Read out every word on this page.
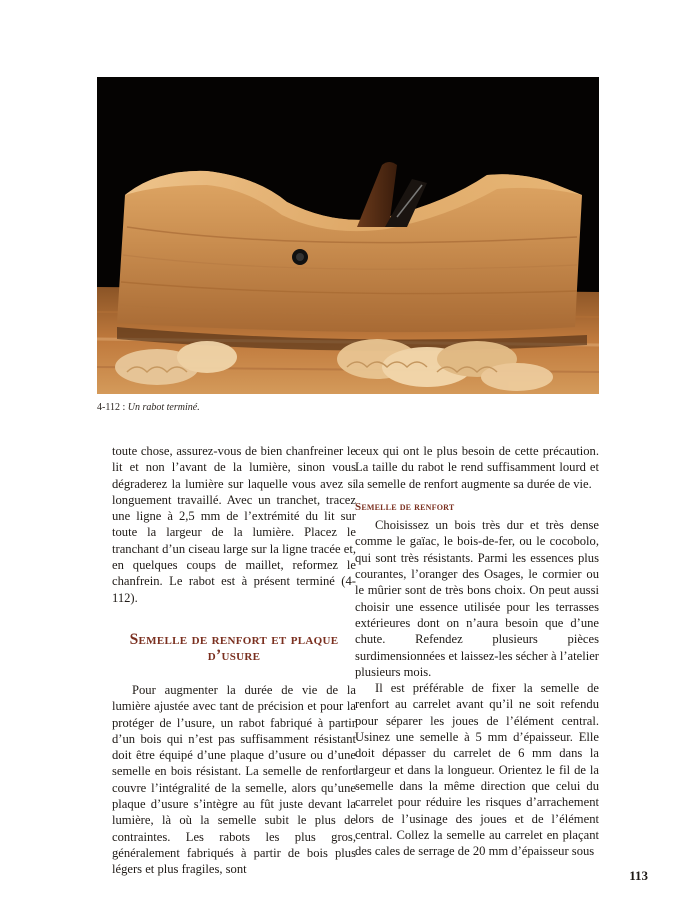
4-112 : Un rabot terminé.

toute chose, assurez-vous de bien chanfreiner le lit et non l’avant de la lumière, sinon vous dégraderez la lumière sur laquelle vous avez si longuement travaillé. Avec un tranchet, tracez une ligne à 2,5 mm de l’extrémité du lit sur toute la largeur de la lumière. Placez le tranchant d’un ciseau large sur la ligne tracée et, en quelques coups de maillet, reformez le chanfrein. Le rabot est à présent terminé (4-112).

Semelle de renfort et plaque d’usure

Pour augmenter la durée de vie de la lumière ajustée avec tant de précision et pour la protéger de l’usure, un rabot fabriqué à partir d’un bois qui n’est pas suffisamment résistant doit être équipé d’une plaque d’usure ou d’une semelle en bois résistant. La semelle de renfort couvre l’intégralité de la semelle, alors qu’une plaque d’usure s’intègre au fût juste devant la lumière, là où la semelle subit le plus de contraintes. Les rabots les plus gros, généralement fabriqués à partir de bois plus légers et plus fragiles, sont

ceux qui ont le plus besoin de cette précaution. La taille du rabot le rend suffisamment lourd et la semelle de renfort augmente sa durée de vie.

Semelle de renfort

Choisissez un bois très dur et très dense comme le gaïac, le bois-de-fer, ou le cocobolo, qui sont très résistants. Parmi les essences plus courantes, l’oranger des Osages, le cormier ou le mûrier sont de très bons choix. On peut aussi choisir une essence utilisée pour les terrasses extérieures dont on n’aura besoin que d’une chute. Refendez plusieurs pièces surdimensionnées et laissez-les sécher à l’atelier plusieurs mois.

Il est préférable de fixer la semelle de renfort au carrelet avant qu’il ne soit refendu pour séparer les joues de l’élément central. Usinez une semelle à 5 mm d’épaisseur. Elle doit dépasser du carrelet de 6 mm dans la largeur et dans la longueur. Orientez le fil de la semelle dans la même direction que celui du carrelet pour réduire les risques d’arrachement lors de l’usinage des joues et de l’élément central. Collez la semelle au carrelet en plaçant des cales de serrage de 20 mm d’épaisseur sous

113
